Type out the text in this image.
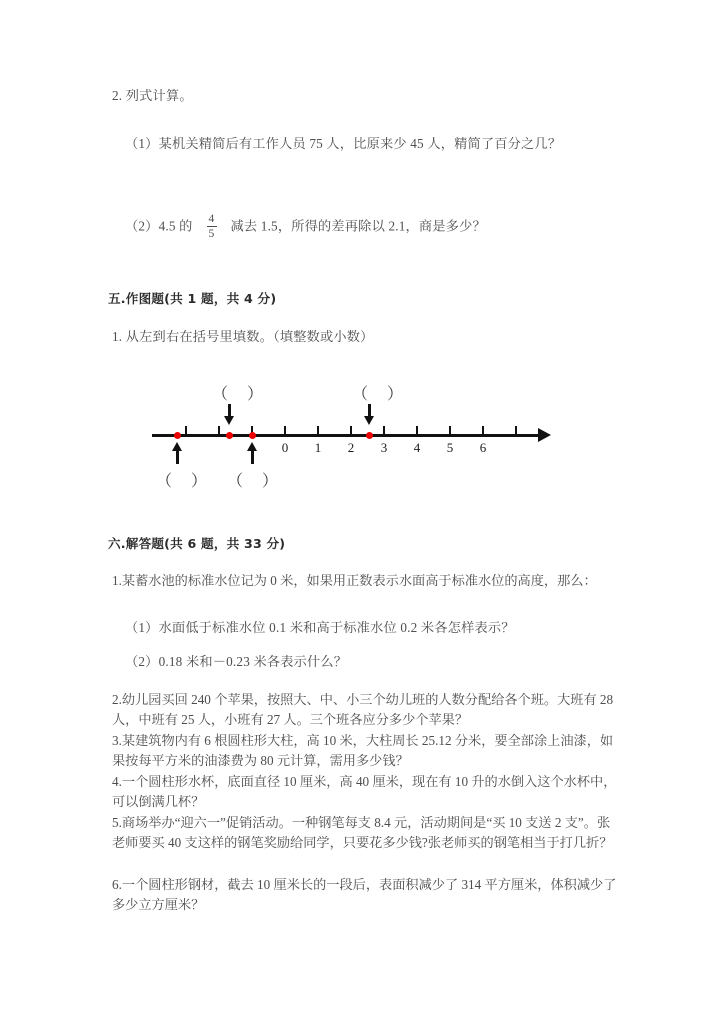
2. 列式计算。
（1）某机关精简后有工作人员 75 人，比原来少 45 人，精简了百分之几？
（2）4.5 的 $\frac{4}{5}$ 减去 1.5，所得的差再除以 2.1，商是多少？
五.作图题(共 1 题，共 4 分)
1. 从左到右在括号里填数。（填整数或小数）
六.解答题(共 6 题，共 33 分)
1.某蓄水池的标准水位记为 0 米，如果用正数表示水面高于标准水位的高度，那么：
（1）水面低于标准水位 0.1 米和高于标准水位 0.2 米各怎样表示？
（2）0.18 米和－0.23 米各表示什么？
2.幼儿园买回 240 个苹果，按照大、中、小三个幼儿班的人数分配给各个班。大班有 28 人，中班有 25 人，小班有 27 人。三个班各应分多少个苹果？
3.某建筑物内有 6 根圆柱形大柱，高 10 米，大柱周长 25.12 分米，要全部涂上油漆，如果按每平方米的油漆费为 80 元计算，需用多少钱？
4.一个圆柱形水杯，底面直径 10 厘米，高 40 厘米，现在有 10 升的水倒入这个水杯中，可以倒满几杯？
5.商场举办“迎六一”促销活动。一种钢笔每支 8.4 元，活动期间是“买 10 支送 2 支”。张老师要买 40 支这样的钢笔奖励给同学，只要花多少钱?张老师买的钢笔相当于打几折？
6.一个圆柱形钢材，截去 10 厘米长的一段后，表面积减少了 314 平方厘米，体积减少了多少立方厘米？
0	1	2	3	4	5	6
（ ）	（ ）
（ ） （ ）
